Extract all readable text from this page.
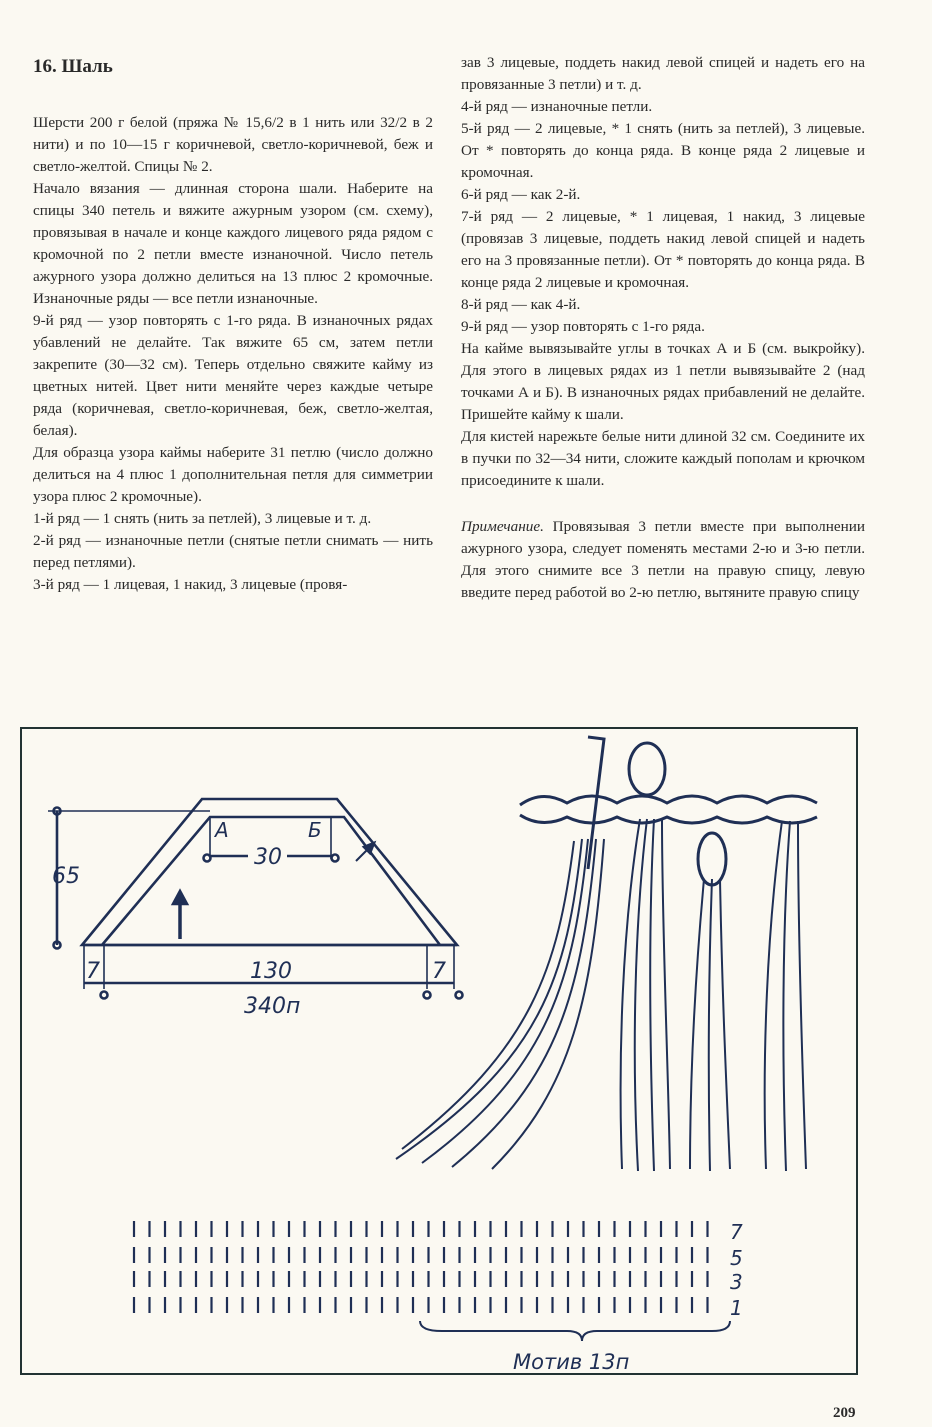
16. Шаль

Шерсти 200 г белой (пряжа № 15,6/2 в 1 нить или 32/2 в 2 нити) и по 10—15 г коричневой, светло-коричневой, беж и светло-желтой. Спицы № 2.

Начало вязания — длинная сторона шали. Наберите на спицы 340 петель и вяжите ажурным узором (см. схему), провязывая в начале и конце каждого лицевого ряда рядом с кромочной по 2 петли вместе изнаночной. Число петель ажурного узора должно делиться на 13 плюс 2 кромочные. Изнаночные ряды — все петли изнаночные.

9-й ряд — узор повторять с 1-го ряда. В изнаночных рядах убавлений не делайте. Так вяжите 65 см, затем петли закрепите (30—32 см). Теперь отдельно свяжите кайму из цветных нитей. Цвет нити меняйте через каждые четыре ряда (коричневая, светло-коричневая, беж, светло-желтая, белая).

Для образца узора каймы наберите 31 петлю (число должно делиться на 4 плюс 1 дополнительная петля для симметрии узора плюс 2 кромочные).

1-й ряд — 1 снять (нить за петлей), 3 лицевые и т. д.

2-й ряд — изнаночные петли (снятые петли снимать — нить перед петлями).

3-й ряд — 1 лицевая, 1 накид, 3 лицевые (провя-

зав 3 лицевые, поддеть накид левой спицей и надеть его на провязанные 3 петли) и т. д.

4-й ряд — изнаночные петли.

5-й ряд — 2 лицевые, * 1 снять (нить за петлей), 3 лицевые. От * повторять до конца ряда. В конце ряда 2 лицевые и кромочная.

6-й ряд — как 2-й.

7-й ряд — 2 лицевые, * 1 лицевая, 1 накид, 3 лицевые (провязав 3 лицевые, поддеть накид левой спицей и надеть его на 3 провязанные петли). От * повторять до конца ряда. В конце ряда 2 лицевые и кромочная.

8-й ряд — как 4-й.

9-й ряд — узор повторять с 1-го ряда.

На кайме вывязывайте углы в точках А и Б (см. выкройку). Для этого в лицевых рядах из 1 петли вывязывайте 2 (над точками А и Б). В изнаночных рядах прибавлений не делайте. Пришейте кайму к шали.

Для кистей нарежьте белые нити длиной 32 см. Соедините их в пучки по 32—34 нити, сложите каждый пополам и крючком присоедините к шали.

Примечание. Провязывая 3 петли вместе при выполнении ажурного узора, следует поменять местами 2-ю и 3-ю петли. Для этого снимите все 3 петли на правую спицу, левую введите перед работой во 2-ю петлю, вытяните правую спицу

65
А	Б
30
7	7
130
340п
7
5
3
1
Мотив 13п
209
